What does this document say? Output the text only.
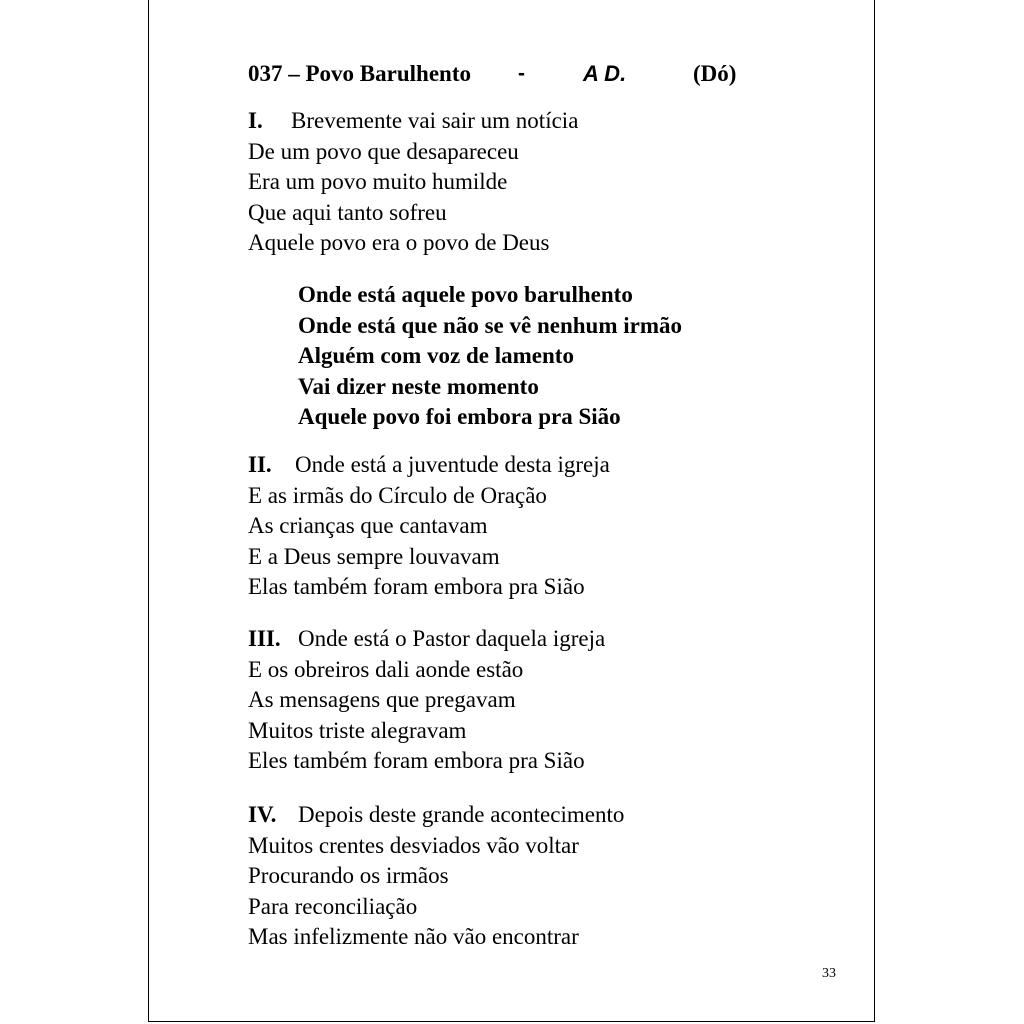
037 – Povo Barulhento -	A D.	(Dó)
I. Brevemente vai sair um notícia
De um povo que desapareceu
Era um povo muito humilde
Que aqui tanto sofreu
Aquele povo era o povo de Deus
Onde está aquele povo barulhento
Onde está que não se vê nenhum irmão
Alguém com voz de lamento
Vai dizer neste momento
Aquele povo foi embora pra Sião
II. Onde está a juventude desta igreja
E as irmãs do Círculo de Oração
As crianças que cantavam
E a Deus sempre louvavam
Elas também foram embora pra Sião
III. Onde está o Pastor daquela igreja
E os obreiros dali aonde estão
As mensagens que pregavam
Muitos triste alegravam
Eles também foram embora pra Sião
IV. Depois deste grande acontecimento
Muitos crentes desviados vão voltar
Procurando os irmãos
Para reconciliação
Mas infelizmente não vão encontrar
33
